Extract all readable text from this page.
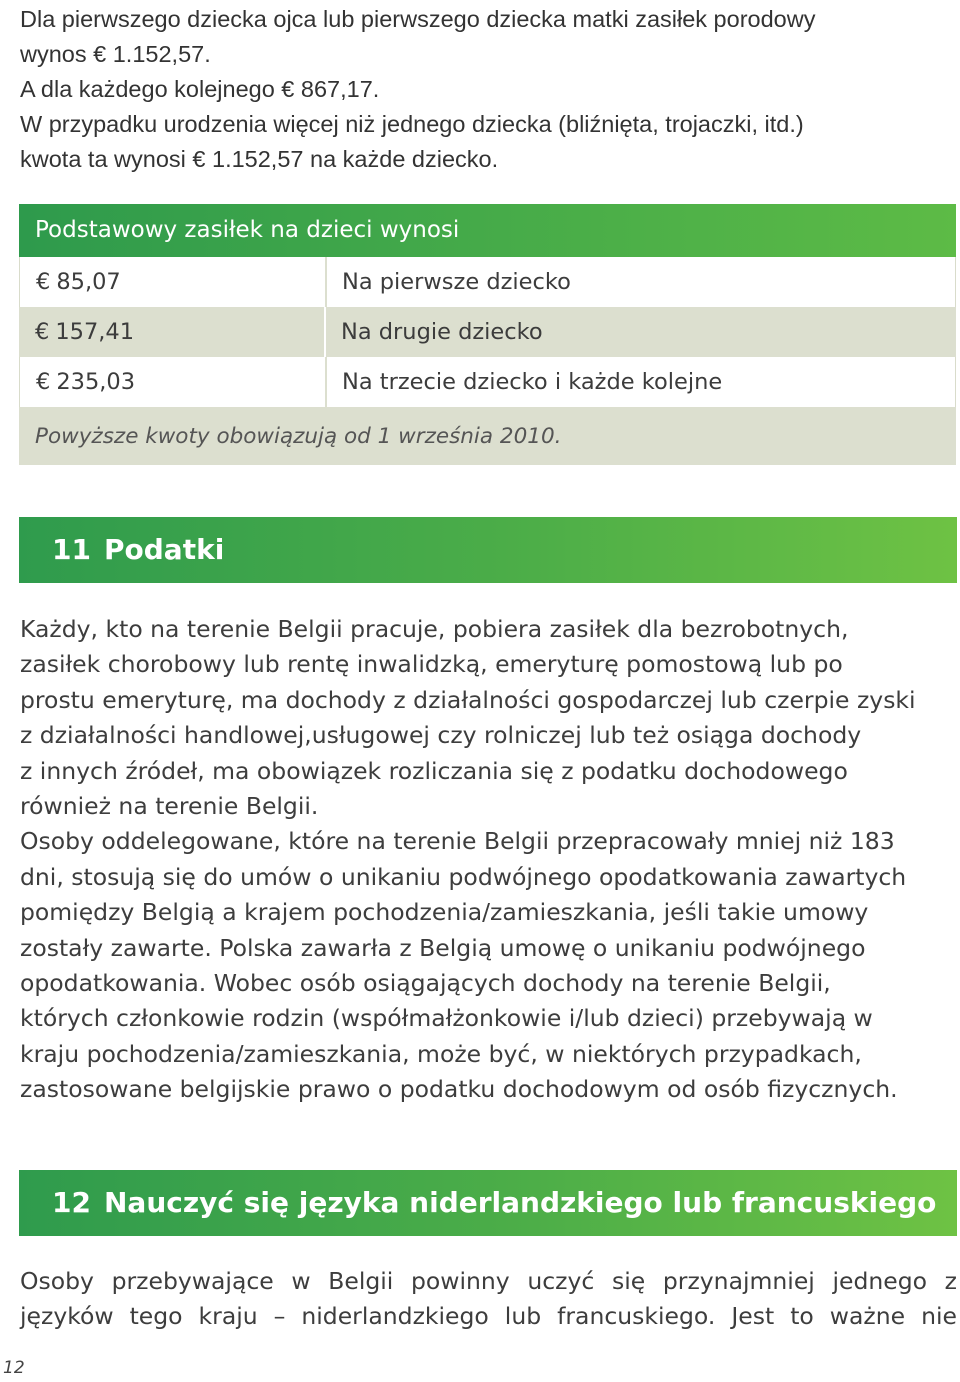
Dla pierwszego dziecka ojca lub pierwszego dziecka matki zasiłek porodowy
wynos € 1.152,57.
A dla każdego kolejnego € 867,17.
W przypadku urodzenia więcej niż jednego dziecka (bliźnięta, trojaczki, itd.)
kwota ta wynosi € 1.152,57 na każde dziecko.
Podstawowy zasiłek na dzieci wynosi
€ 85,07	Na pierwsze dziecko
€ 157,41	Na drugie dziecko
€ 235,03	Na trzecie dziecko i każde kolejne
Powyższe kwoty obowiązują od 1 września 2010.
11 Podatki
Każdy, kto na terenie Belgii pracuje, pobiera zasiłek dla bezrobotnych,
zasiłek chorobowy lub rentę inwalidzką, emeryturę pomostową lub po
prostu emeryturę, ma dochody z działalności gospodarczej lub czerpie zyski
z działalności handlowej,usługowej czy rolniczej lub też osiąga dochody
z innych źródeł, ma obowiązek rozliczania się z podatku dochodowego
również na terenie Belgii.
Osoby oddelegowane, które na terenie Belgii przepracowały mniej niż 183
dni, stosują się do umów o unikaniu podwójnego opodatkowania zawartych
pomiędzy Belgią a krajem pochodzenia/zamieszkania, jeśli takie umowy
zostały zawarte. Polska zawarła z Belgią umowę o unikaniu podwójnego
opodatkowania. Wobec osób osiągających dochody na terenie Belgii,
których członkowie rodzin (współmałżonkowie i/lub dzieci) przebywają w
kraju pochodzenia/zamieszkania, może być, w niektórych przypadkach,
zastosowane belgijskie prawo o podatku dochodowym od osób fizycznych.
12 Nauczyć się języka niderlandzkiego lub francuskiego
Osoby przebywające w Belgii powinny uczyć się przynajmniej jednego z
języków tego kraju – niderlandzkiego lub francuskiego. Jest to ważne nie
12
